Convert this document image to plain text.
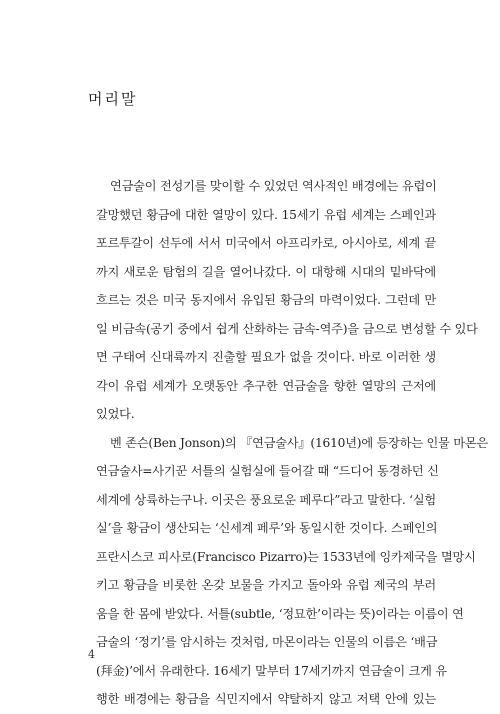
머리말
연금술이 전성기를 맞이할 수 있었던 역사적인 배경에는 유럽이
갈망했던 황금에 대한 열망이 있다. 15세기 유럽 세계는 스페인과
포르투갈이 선두에 서서 미국에서 아프리카로, 아시아로, 세계 끝
까지 새로운 탐험의 길을 열어나갔다. 이 대항해 시대의 밑바닥에
흐르는 것은 미국 동지에서 유입된 황금의 마력이었다. 그런데 만
일 비금속(공기 중에서 쉽게 산화하는 금속-역주)을 금으로 변성할 수 있다
면 구태여 신대륙까지 진출할 필요가 없을 것이다. 바로 이러한 생
각이 유럽 세계가 오랫동안 추구한 연금술을 향한 열망의 근저에
있었다.
벤 존슨(Ben Jonson)의 『연금술사』(1610년)에 등장하는 인물 마몬은
연금술사=사기꾼 서틀의 실험실에 들어갈 때 “드디어 동경하던 신
세계에 상륙하는구나. 이곳은 풍요로운 페루다”라고 말한다. ‘실험
실’을 황금이 생산되는 ‘신세계 페루’와 동일시한 것이다. 스페인의
프란시스코 피사로(Francisco Pizarro)는 1533년에 잉카제국을 멸망시
키고 황금을 비롯한 온갖 보물을 가지고 돌아와 유럽 제국의 부러
움을 한 몸에 받았다. 서틀(subtle, ‘정묘한’이라는 뜻)이라는 이름이 연
금술의 ‘정기’를 암시하는 것처럼, 마몬이라는 인물의 이름은 ‘배금
(拜金)’에서 유래한다. 16세기 말부터 17세기까지 연금술이 크게 유
행한 배경에는 황금을 식민지에서 약탈하지 않고 저택 안에 있는
4
